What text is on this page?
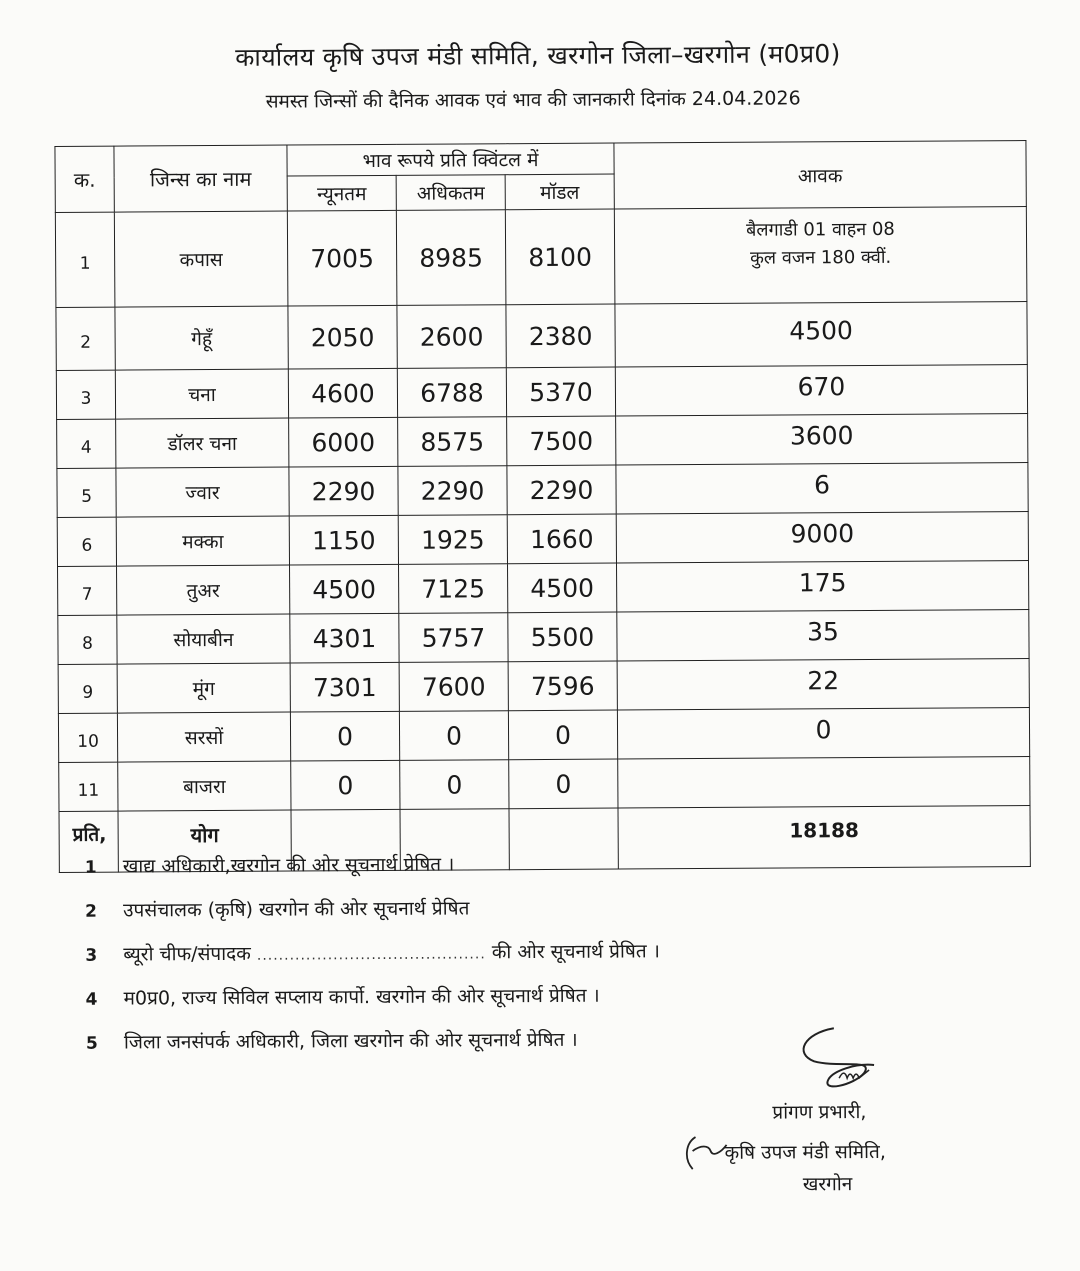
कार्यालय कृषि उपज मंडी समिति, खरगोन जिला–खरगोन (म0प्र0)
समस्त जिन्सों की दैनिक आवक एवं भाव की जानकारी दिनांक 24.04.2026
क.	जिन्स का नाम	भाव रूपये प्रति क्विंटल में			आवक
		न्यूनतम	अधिकतम	मॉडल	
1	कपास	7005	8985	8100	बैलगाडी 01 वाहन 08
कुल वजन 180 क्वीं.

2	गेहूँ	2050	2600	2380	4500

3	चना	4600	6788	5370	670

4	डॉलर चना	6000	8575	7500	3600

5	ज्वार	2290	2290	2290	6

6	मक्का	1150	1925	1660	9000

7	तुअर	4500	7125	4500	175

8	सोयाबीन	4301	5757	5500	35

9	मूंग	7301	7600	7596	22

10	सरसों	0	0	0	0

11	बाजरा	0	0	0	

	योग				18188
प्रति,
1	खाद्य अधिकारी,खरगोन की ओर सूचनार्थ प्रेषित ।
2	उपसंचालक (कृषि) खरगोन की ओर सूचनार्थ प्रेषित
3	ब्यूरो चीफ/संपादक
..........................................
की ओर सूचनार्थ प्रेषित ।
4	म0प्र0, राज्य सिविल सप्लाय कार्पो. खरगोन की ओर सूचनार्थ प्रेषित ।
5	जिला जनसंपर्क अधिकारी, जिला खरगोन की ओर सूचनार्थ प्रेषित ।
प्रांगण प्रभारी,
कृषि उपज मंडी समिति,
खरगोन
